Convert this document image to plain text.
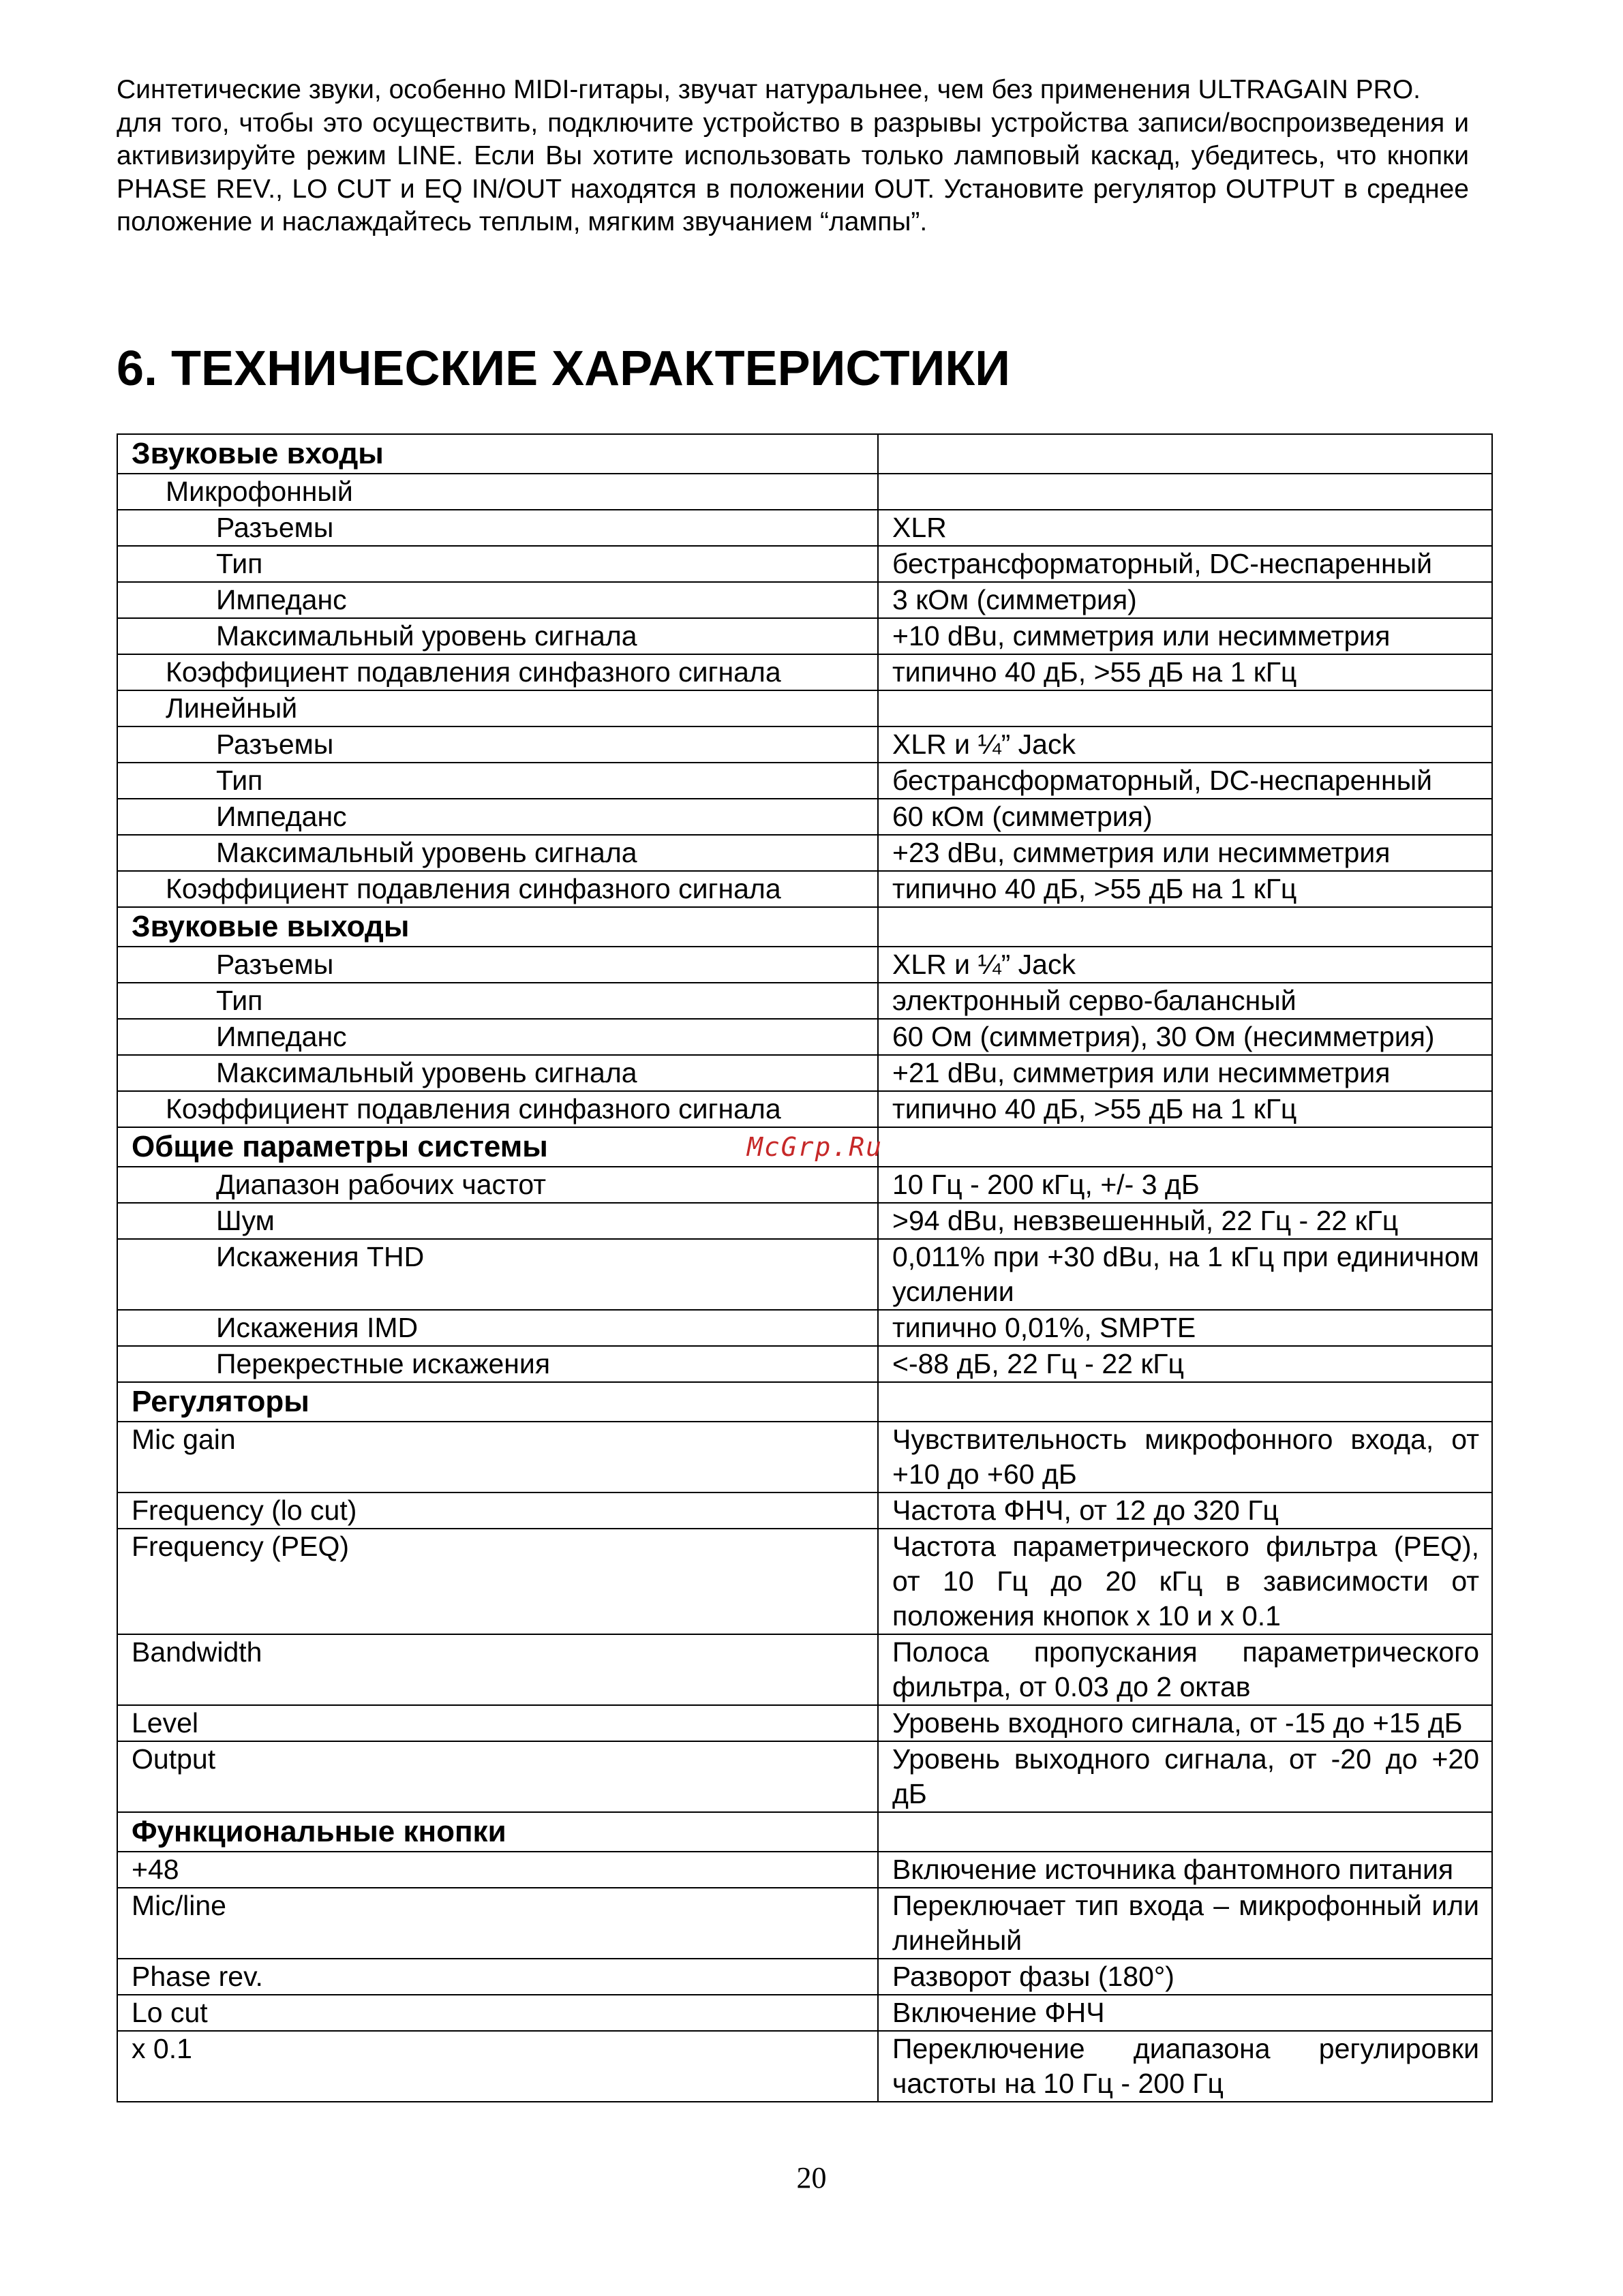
Синтетические звуки, особенно MIDI-гитары, звучат натуральнее, чем без применения ULTRAGAIN PRO.

для того, чтобы это осуществить, подключите устройство в разрывы устройства записи/воспроизведения и активизируйте режим LINE. Если Вы хотите использовать только ламповый каскад, убедитесь, что кнопки PHASE REV., LO CUT и EQ IN/OUT находятся в положении OUT. Установите регулятор OUTPUT в среднее положение и наслаждайтесь теплым, мягким звучанием “лампы”.

6. ТЕХНИЧЕСКИЕ ХАРАКТЕРИСТИКИ
Звуковые входы	
Микрофонный	
Разъемы	XLR
Тип	бестрансформаторный, DC-неспаренный
Импеданс	3 кОм (симметрия)
Максимальный уровень сигнала	+10 dBu, симметрия или несимметрия
Коэффициент подавления синфазного сигнала	типично 40 дБ, >55 дБ на 1 кГц
Линейный	
Разъемы	XLR и ¼” Jack
Тип	бестрансформаторный, DC-неспаренный
Импеданс	60 кОм (симметрия)
Максимальный уровень сигнала	+23 dBu, симметрия или несимметрия
Коэффициент подавления синфазного сигнала	типично 40 дБ, >55 дБ на 1 кГц
Звуковые выходы	
Разъемы	XLR и ¼” Jack
Тип	электронный серво-балансный
Импеданс	60 Ом (симметрия), 30 Ом (несимметрия)
Максимальный уровень сигнала	+21 dBu, симметрия или несимметрия
Коэффициент подавления синфазного сигнала	типично 40 дБ, >55 дБ на 1 кГц
Общие параметры системы	
Диапазон рабочих частот	10 Гц - 200 кГц, +/- 3 дБ
Шум	>94 dBu, невзвешенный, 22 Гц - 22 кГц
Искажения THD	0,011% при +30 dBu, на 1 кГц при единичном усилении
Искажения IMD	типично 0,01%, SMPTE
Перекрестные искажения	<-88 дБ, 22 Гц - 22 кГц
Регуляторы	
Mic gain	Чувствительность микрофонного входа, от +10 до +60 дБ
Frequency (lo cut)	Частота ФНЧ, от 12 до 320 Гц
Frequency (PEQ)	Частота параметрического фильтра (PEQ), от 10 Гц до 20 кГц в зависимости от положения кнопок х 10 и х 0.1
Bandwidth	Полоса пропускания параметрического фильтра, от 0.03 до 2 октав
Level	Уровень входного сигнала, от -15 до +15 дБ
Output	Уровень выходного сигнала, от -20 до +20 дБ
Функциональные кнопки	
+48	Включение источника фантомного питания
Mic/line	Переключает тип входа – микрофонный или линейный
Phase rev.	Разворот фазы (180°)
Lo cut	Включение ФНЧ
x 0.1	Переключение диапазона регулировки частоты на 10 Гц - 200 Гц
McGrp.Ru
20
